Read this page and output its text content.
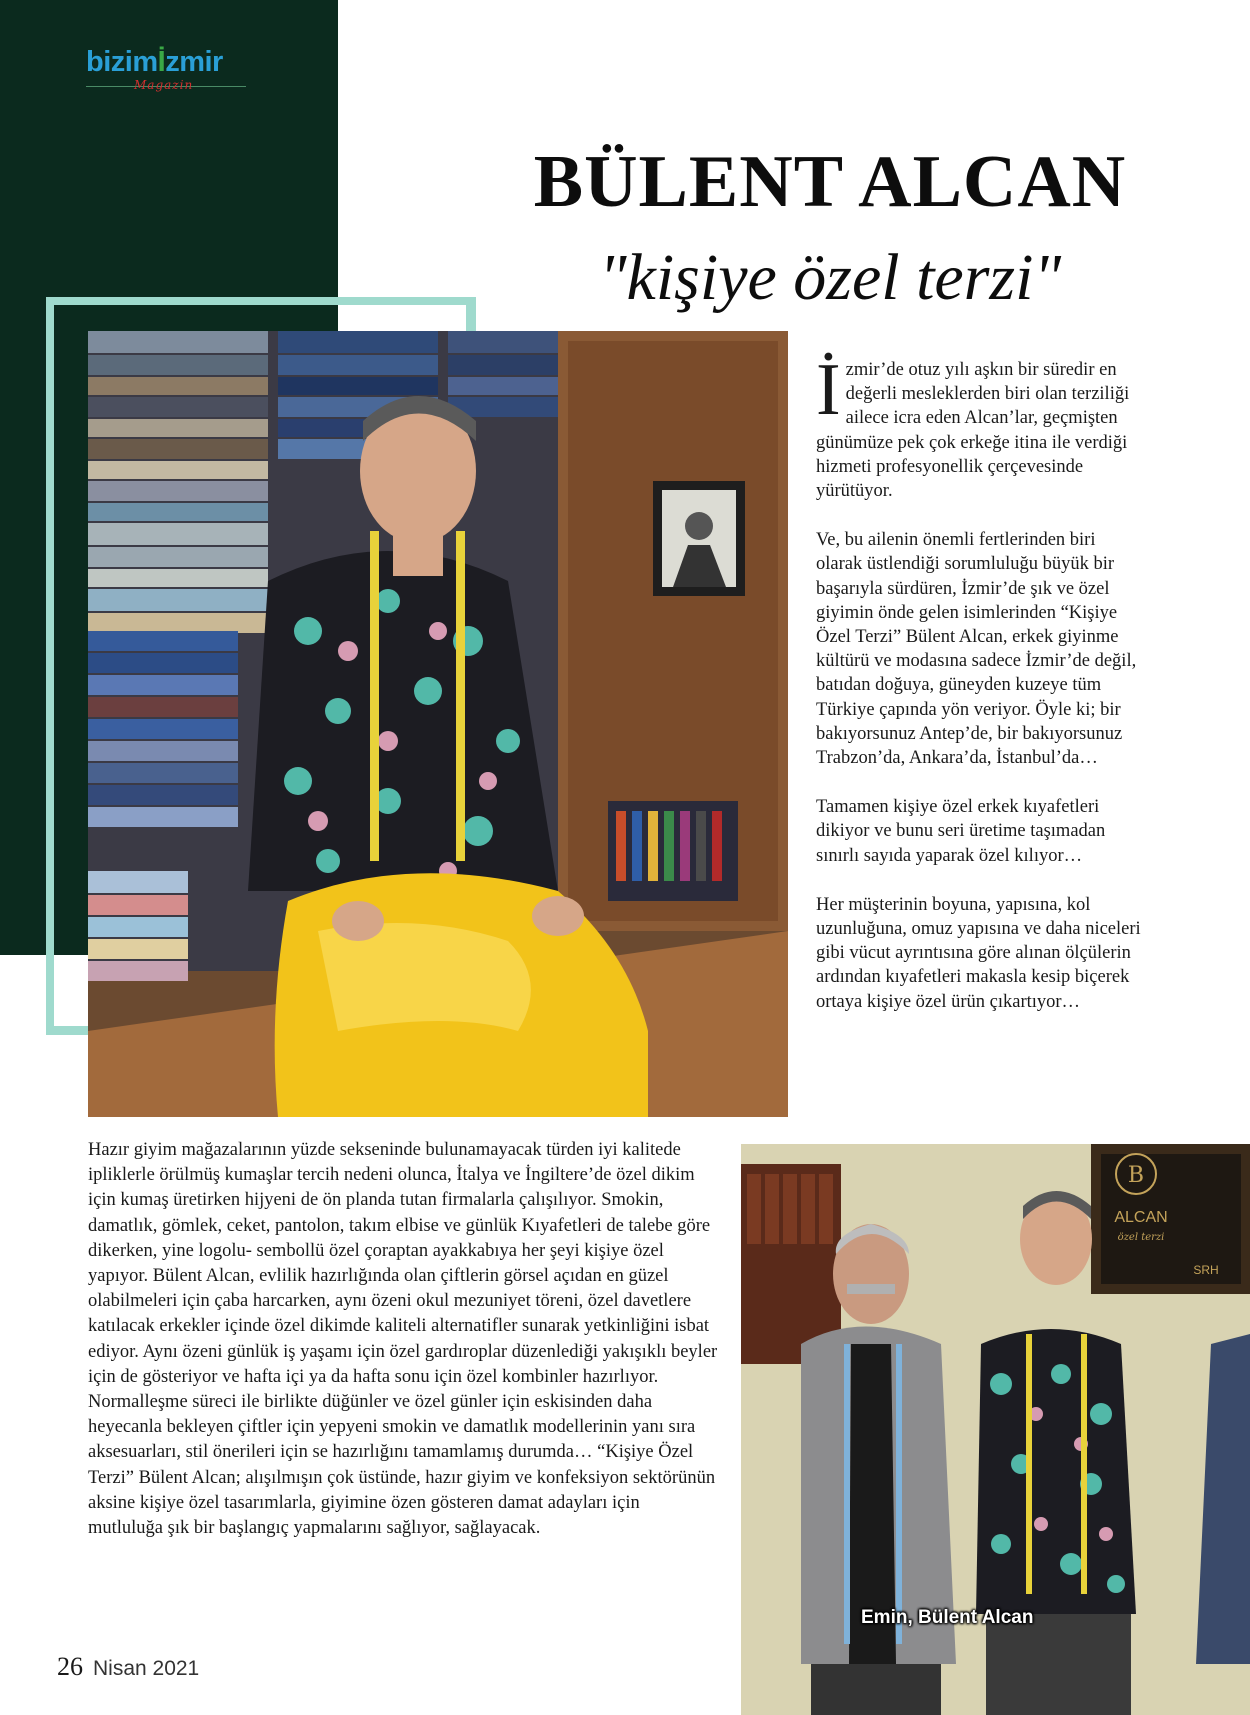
bizimİzmir
Magazin
BÜLENT ALCAN
"kişiye özel terzi"

İzmir’de otuz yılı aşkın bir süredir en değerli mesleklerden biri olan terziliği ailece icra eden Alcan’lar, geçmişten günümüze pek çok erkeğe itina ile verdiği hizmeti profesyonellik çerçevesinde yürütüyor.

Ve, bu ailenin önemli fertlerinden biri olarak üstlendiği sorumluluğu büyük bir başarıyla sürdüren, İzmir’de şık ve özel giyimin önde gelen isimlerinden “Kişiye Özel Terzi” Bülent Alcan, erkek giyinme kültürü ve modasına sadece İzmir’de değil, batıdan doğuya, güneyden kuzeye tüm Türkiye çapında yön veriyor. Öyle ki; bir bakıyorsunuz Antep’de, bir bakıyorsunuz Trabzon’da, Ankara’da, İstanbul’da…

Tamamen kişiye özel erkek kıyafetleri dikiyor ve bunu seri üretime taşımadan sınırlı sayıda yaparak özel kılıyor…

Her müşterinin boyuna, yapısına, kol uzunluğuna, omuz yapısına ve daha niceleri gibi vücut ayrıntısına göre alınan ölçülerin ardından kıyafetleri makasla kesip biçerek ortaya kişiye özel ürün çıkartıyor…

Hazır giyim mağazalarının yüzde sekseninde bulunamayacak türden iyi kalitede ipliklerle örülmüş kumaşlar tercih nedeni olunca, İtalya ve İngiltere’de özel dikim için kumaş üretirken hijyeni de ön planda tutan firmalarla çalışılıyor. Smokin, damatlık, gömlek, ceket, pantolon, takım elbise ve günlük Kıyafetleri de talebe göre dikerken, yine logolu- sembollü özel çoraptan ayakkabıya her şeyi kişiye özel yapıyor. Bülent Alcan, evlilik hazırlığında olan çiftlerin görsel açıdan en güzel olabilmeleri için çaba harcarken, aynı özeni okul mezuniyet töreni, özel davetlere katılacak erkekler içinde özel dikimde kaliteli alternatifler sunarak yetkinliğini isbat ediyor. Aynı özeni günlük iş yaşamı için özel gardıroplar düzenlediği yakışıklı beyler için de gösteriyor ve hafta içi ya da hafta sonu için özel kombinler hazırlıyor. Normalleşme süreci ile birlikte düğünler ve özel günler için eskisinden daha heyecanla bekleyen çiftler için yepyeni smokin ve damatlık modellerinin yanı sıra aksesuarları, stil önerileri için se hazırlığını tamamlamış durumda… “Kişiye Özel Terzi” Bülent Alcan; alışılmışın çok üstünde, hazır giyim ve konfeksiyon sektörünün aksine kişiye özel tasarımlarla, giyimine özen gösteren damat adayları için mutluluğa şık bir başlangıç yapmalarını sağlıyor, sağlayacak.

B
ALCAN
özel terzi
SRH
Emin, Bülent Alcan
26 Nisan 2021
